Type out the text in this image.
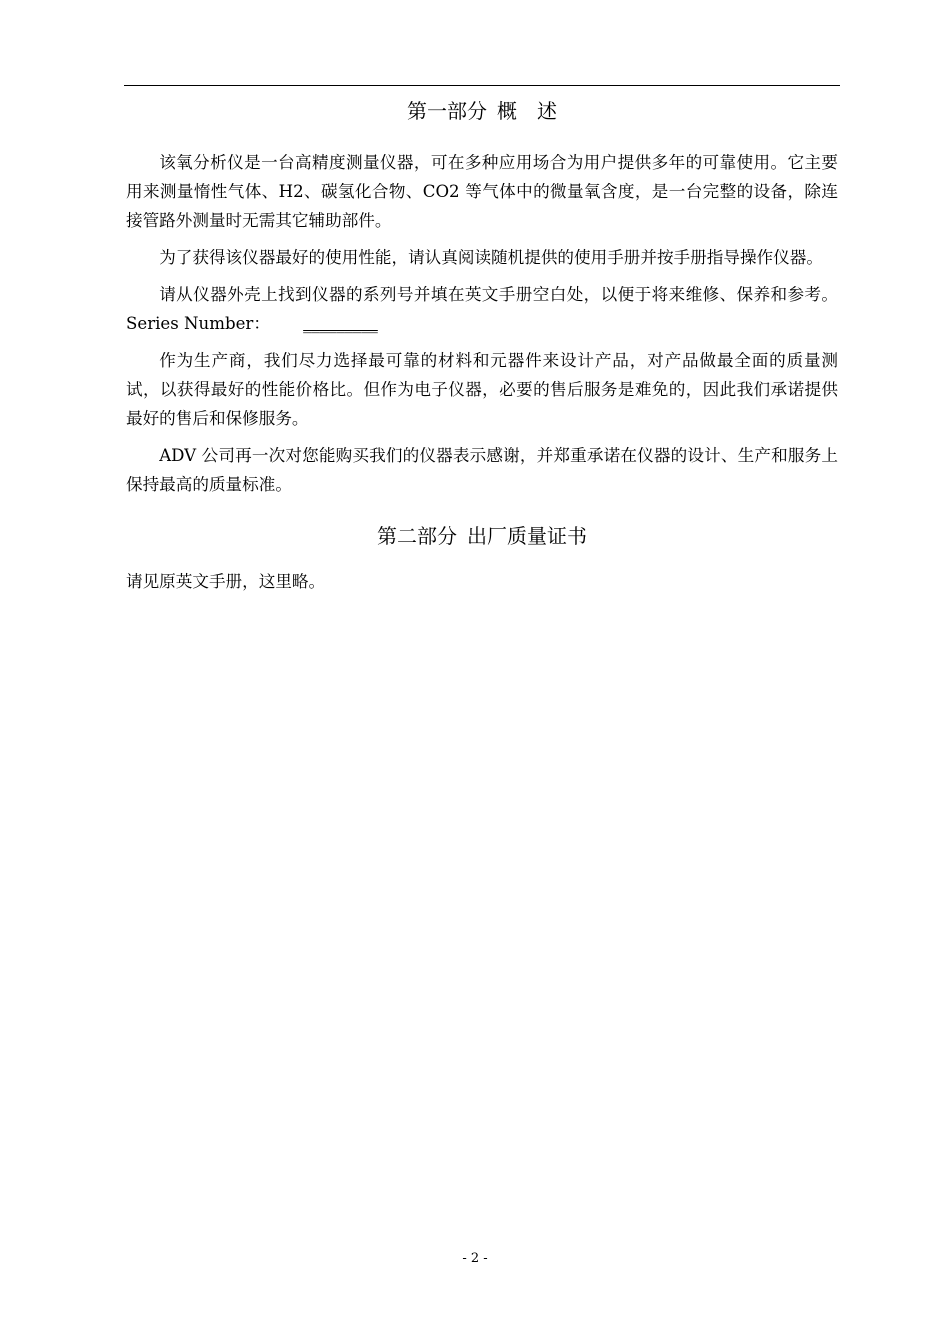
第一部分 概 述

该氧分析仪是一台高精度测量仪器，可在多种应用场合为用户提供多年的可靠使用。它主要用来测量惰性气体、H2、碳氢化合物、CO2 等气体中的微量氧含度，是一台完整的设备，除连接管路外测量时无需其它辅助部件。

为了获得该仪器最好的使用性能，请认真阅读随机提供的使用手册并按手册指导操作仪器。

请从仪器外壳上找到仪器的系列号并填在英文手册空白处，以便于将来维修、保养和参考。Series Number： _________

作为生产商，我们尽力选择最可靠的材料和元器件来设计产品，对产品做最全面的质量测试，以获得最好的性能价格比。但作为电子仪器，必要的售后服务是难免的，因此我们承诺提供最好的售后和保修服务。

ADV 公司再一次对您能购买我们的仪器表示感谢，并郑重承诺在仪器的设计、生产和服务上保持最高的质量标准。

第二部分 出厂质量证书

请见原英文手册，这里略。

- 2 -
